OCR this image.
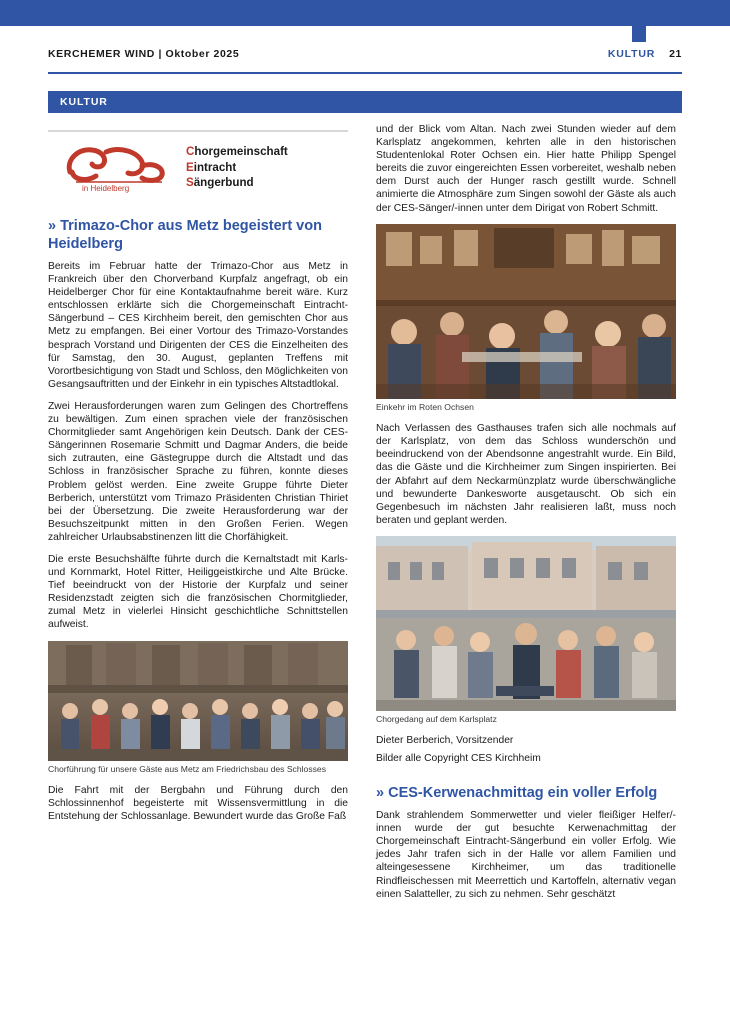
KERCHEMER WIND | Oktober 2025	KULTUR 21
KULTUR
in Heidelberg
Chorgemeinschaft
Eintracht
Sängerbund
» Trimazo-Chor aus Metz begeistert von Heidelberg

Bereits im Februar hatte der Trimazo-Chor aus Metz in Frankreich über den Chorverband Kurpfalz angefragt, ob ein Heidelberger Chor für eine Kontaktaufnahme bereit wäre. Kurz entschlossen erklärte sich die Chorgemeinschaft Eintracht-Sängerbund – CES Kirchheim bereit, den gemischten Chor aus Metz zu empfangen. Bei einer Vortour des Trimazo-Vorstandes besprach Vorstand und Dirigenten der CES die Einzelheiten des für Samstag, den 30. August, geplanten Treffens mit Vorortbesichtigung von Stadt und Schloss, den Möglichkeiten von Gesangsauftritten und der Einkehr in ein typisches Altstadtlokal.

Zwei Herausforderungen waren zum Gelingen des Chortreffens zu bewältigen. Zum einen sprachen viele der französischen Chormitglieder samt Angehörigen kein Deutsch. Dank der CES-Sängerinnen Rosemarie Schmitt und Dagmar Anders, die beide sich zutrauten, eine Gästegruppe durch die Altstadt und das Schloss in französischer Sprache zu führen, konnte dieses Problem gelöst werden. Eine zweite Gruppe führte Dieter Berberich, unterstützt vom Trimazo Präsidenten Christian Thiriet bei der Übersetzung. Die zweite Herausforderung war der Besuchszeitpunkt mitten in den Großen Ferien. Wegen zahlreicher Urlaubsabstinenzen litt die Chorfähigkeit.

Die erste Besuchshälfte führte durch die Kernaltstadt mit Karls- und Kornmarkt, Hotel Ritter, Heiliggeistkirche und Alte Brücke. Tief beeindruckt von der Historie der Kurpfalz und seiner Residenzstadt zeigten sich die französischen Chormitglieder, zumal Metz in vielerlei Hinsicht geschichtliche Schnittstellen aufweist.

Chorführung für unsere Gäste aus Metz am Friedrichsbau des Schlosses

Die Fahrt mit der Bergbahn und Führung durch den Schlossinnenhof begeisterte mit Wissensvermittlung in die Entstehung der Schlossanlage. Bewundert wurde das Große Faß

und der Blick vom Altan. Nach zwei Stunden wieder auf dem Karlsplatz angekommen, kehrten alle in den historischen Studentenlokal Roter Ochsen ein. Hier hatte Philipp Spengel bereits die zuvor eingereichten Essen vorbereitet, weshalb neben dem Durst auch der Hunger rasch gestillt wurde. Schnell animierte die Atmosphäre zum Singen sowohl der Gäste als auch der CES-Sänger/-innen unter dem Dirigat von Robert Schmitt.

Einkehr im Roten Ochsen

Nach Verlassen des Gasthauses trafen sich alle nochmals auf der Karlsplatz, von dem das Schloss wunderschön und beeindruckend von der Abendsonne angestrahlt wurde. Ein Bild, das die Gäste und die Kirchheimer zum Singen inspirierten. Bei der Abfahrt auf dem Neckarmünzplatz wurde überschwängliche und bewunderte Dankesworte ausgetauscht. Ob sich ein Gegenbesuch im nächsten Jahr realisieren laßt, muss noch beraten und geplant werden.

Chorgedang auf dem Karlsplatz

Dieter Berberich, Vorsitzender

Bilder alle Copyright CES Kirchheim

» CES-Kerwenachmittag ein voller Erfolg

Dank strahlendem Sommerwetter und vieler fleißiger Helfer/-innen wurde der gut besuchte Kerwenachmittag der Chorgemeinschaft Eintracht-Sängerbund ein voller Erfolg. Wie jedes Jahr trafen sich in der Halle vor allem Familien und alteingesessene Kirchheimer, um das traditionelle Rindfleischessen mit Meerrettich und Kartoffeln, alternativ vegan einen Salatteller, zu sich zu nehmen. Sehr geschätzt
